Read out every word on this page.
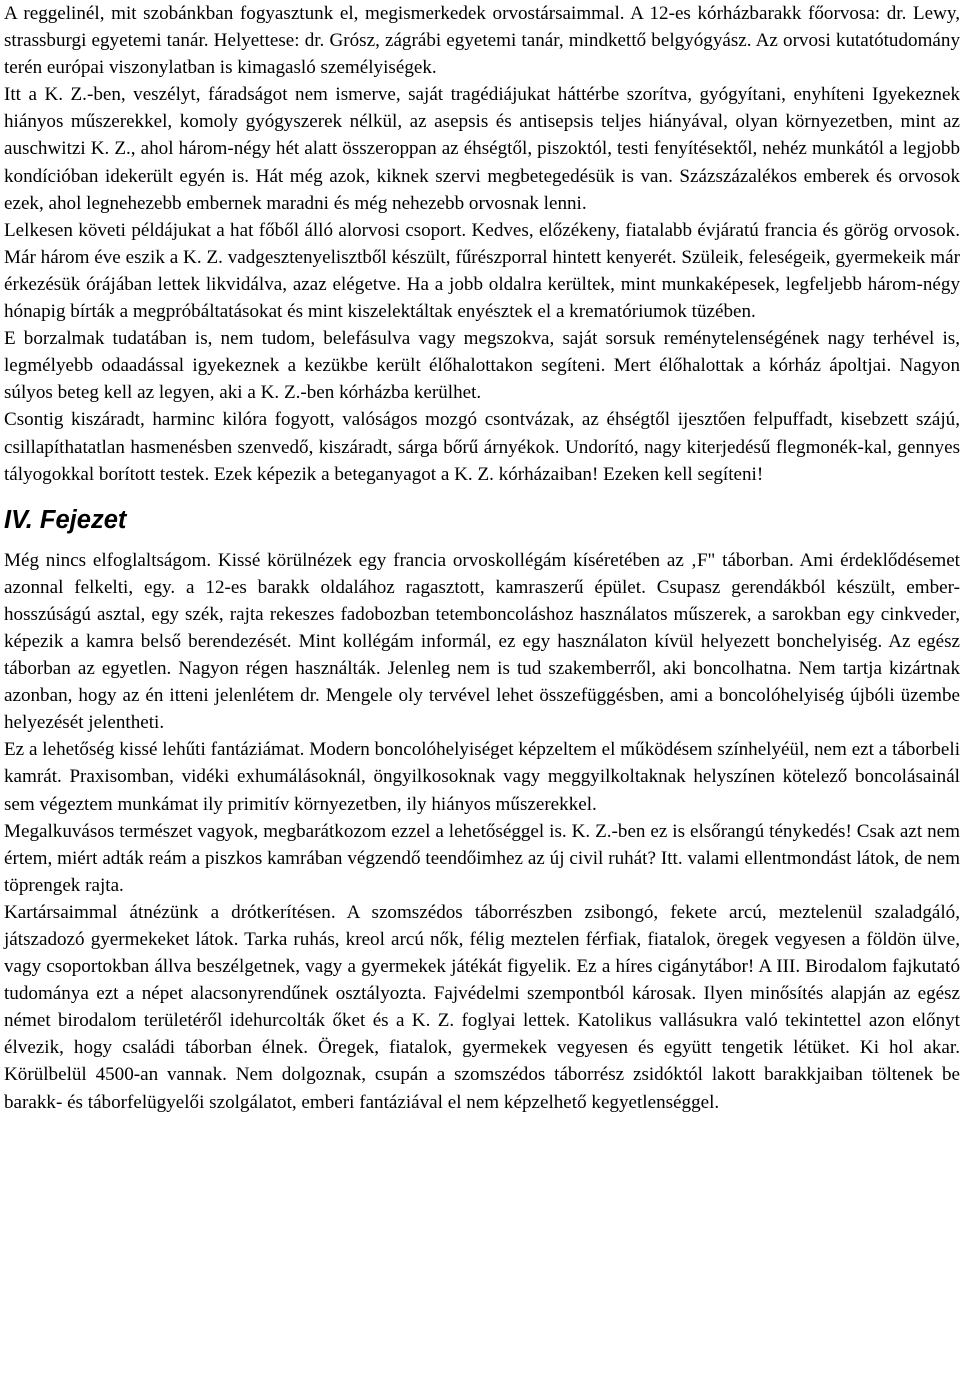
A reggelinél, mit szobánkban fogyasztunk el, megismerkedek orvostársaimmal. A 12-es kórházbarakk főorvosa: dr. Lewy, strassburgi egyetemi tanár. Helyettese: dr. Grósz, zágrábi egyetemi tanár, mindkettő belgyógyász. Az orvosi kutatótudomány terén európai viszonylatban is kimagasló személyiségek.

Itt a K. Z.-ben, veszélyt, fáradságot nem ismerve, saját tragédiájukat háttérbe szorítva, gyógyítani, enyhíteni Igyekeznek hiányos műszerekkel, komoly gyógyszerek nélkül, az asepsis és antisepsis teljes hiányával, olyan környezetben, mint az auschwitzi K. Z., ahol három-négy hét alatt összeroppan az éhségtől, piszoktól, testi fenyítésektől, nehéz munkától a legjobb kondícióban idekerült egyén is. Hát még azok, kiknek szervi megbetegedésük is van. Százszázalékos emberek és orvosok ezek, ahol legnehezebb embernek maradni és még nehezebb orvosnak lenni.

Lelkesen követi példájukat a hat főből álló alorvosi csoport. Kedves, előzékeny, fiatalabb évjáratú francia és görög orvosok. Már három éve eszik a K. Z. vadgesztenyelisztből készült, fűrészporral hintett kenyerét. Szüleik, feleségeik, gyermekeik már érkezésük órájában lettek likvidálva, azaz elégetve. Ha a jobb oldalra kerültek, mint munkaképesek, legfeljebb három-négy hónapig bírták a megpróbáltatásokat és mint kiszelektáltak enyésztek el a krematóriumok tüzében.

E borzalmak tudatában is, nem tudom, belefásulva vagy megszokva, saját sorsuk reménytelenségének nagy terhével is, legmélyebb odaadással igyekeznek a kezükbe került élőhalottakon segíteni. Mert élőhalottak a kórház ápoltjai. Nagyon súlyos beteg kell az legyen, aki a K. Z.-ben kórházba kerülhet.

Csontig kiszáradt, harminc kilóra fogyott, valóságos mozgó csontvázak, az éhségtől ijesztően felpuffadt, kisebzett szájú, csillapíthatatlan hasmenésben szenvedő, kiszáradt, sárga bőrű árnyékok. Undorító, nagy kiterjedésű flegmonék-kal, gennyes tályogokkal borított testek. Ezek képezik a beteganyagot a K. Z. kórházaiban! Ezeken kell segíteni!

IV. Fejezet

Még nincs elfoglaltságom. Kissé körülnézek egy francia orvoskollégám kíséretében az ‚F" táborban. Ami érdeklődésemet azonnal felkelti, egy. a 12-es barakk oldalához ragasztott, kamraszerű épület. Csupasz gerendákból készült, ember-hosszúságú asztal, egy szék, rajta rekeszes fadobozban tetemboncoláshoz használatos műszerek, a sarokban egy cinkveder, képezik a kamra belső berendezését. Mint kollégám informál, ez egy használaton kívül helyezett bonchelyiség. Az egész táborban az egyetlen. Nagyon régen használták. Jelenleg nem is tud szakemberről, aki boncolhatna. Nem tartja kizártnak azonban, hogy az én itteni jelenlétem dr. Mengele oly tervével lehet összefüggésben, ami a boncolóhelyiség újbóli üzembe helyezését jelentheti.

Ez a lehetőség kissé lehűti fantáziámat. Modern boncolóhelyiséget képzeltem el működésem színhelyéül, nem ezt a táborbeli kamrát. Praxisomban, vidéki exhumálásoknál, öngyilkosoknak vagy meggyilkoltaknak helyszínen kötelező boncolásainál sem végeztem munkámat ily primitív környezetben, ily hiányos műszerekkel.

Megalkuvásos természet vagyok, megbarátkozom ezzel a lehetőséggel is. K. Z.-ben ez is elsőrangú ténykedés! Csak azt nem értem, miért adták reám a piszkos kamrában végzendő teendőimhez az új civil ruhát? Itt. valami ellentmondást látok, de nem töprengek rajta.

Kartársaimmal átnézünk a drótkerítésen. A szomszédos táborrészben zsibongó, fekete arcú, meztelenül szaladgáló, játszadozó gyermekeket látok. Tarka ruhás, kreol arcú nők, félig meztelen férfiak, fiatalok, öregek vegyesen a földön ülve, vagy csoportokban állva beszélgetnek, vagy a gyermekek játékát figyelik. Ez a híres cigánytábor! A III. Birodalom fajkutató tudománya ezt a népet alacsonyrendűnek osztályozta. Fajvédelmi szempontból károsak. Ilyen minősítés alapján az egész német birodalom területéről idehurcolták őket és a K. Z. foglyai lettek. Katolikus vallásukra való tekintettel azon előnyt élvezik, hogy családi táborban élnek. Öregek, fiatalok, gyermekek vegyesen és együtt tengetik létüket. Ki hol akar. Körülbelül 4500-an vannak. Nem dolgoznak, csupán a szomszédos táborrész zsidóktól lakott barakkjaiban töltenek be barakk- és táborfelügyelői szolgálatot, emberi fantáziával el nem képzelhető kegyetlenséggel.
